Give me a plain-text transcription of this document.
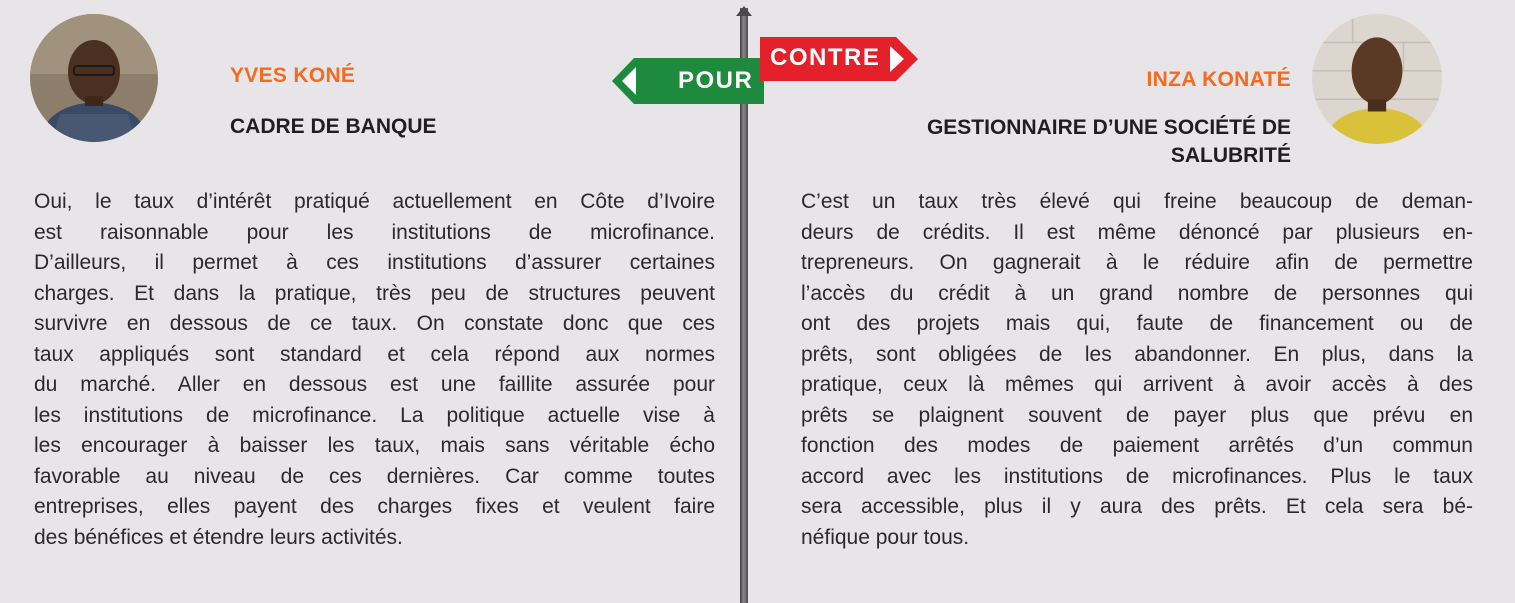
YVES KONÉ
CADRE DE BANQUE

Oui, le taux d’intérêt pratiqué actuellement en Côte d’Ivoire
est raisonnable pour les institutions de microfinance.
D’ailleurs, il permet à ces institutions d’assurer certaines
charges. Et dans la pratique, très peu de structures peuvent
survivre en dessous de ce taux. On constate donc que ces
taux appliqués sont standard et cela répond aux normes
du marché. Aller en dessous est une faillite assurée pour
les institutions de microfinance. La politique actuelle vise à
les encourager à baisser les taux, mais sans véritable écho
favorable au niveau de ces dernières. Car comme toutes
entreprises, elles payent des charges fixes et veulent faire
des bénéfices et étendre leurs activités.

POUR
CONTRE
INZA KONATÉ
GESTIONNAIRE D’UNE SOCIÉTÉ DE
SALUBRITÉ

C’est un taux très élevé qui freine beaucoup de deman-
deurs de crédits. Il est même dénoncé par plusieurs en-
trepreneurs. On gagnerait à le réduire afin de permettre
l’accès du crédit à un grand nombre de personnes qui
ont des projets mais qui, faute de financement ou de
prêts, sont obligées de les abandonner. En plus, dans la
pratique, ceux là mêmes qui arrivent à avoir accès à des
prêts se plaignent souvent de payer plus que prévu en
fonction des modes de paiement arrêtés d’un commun
accord avec les institutions de microfinances. Plus le taux
sera accessible, plus il y aura des prêts. Et cela sera bé-
néfique pour tous.
